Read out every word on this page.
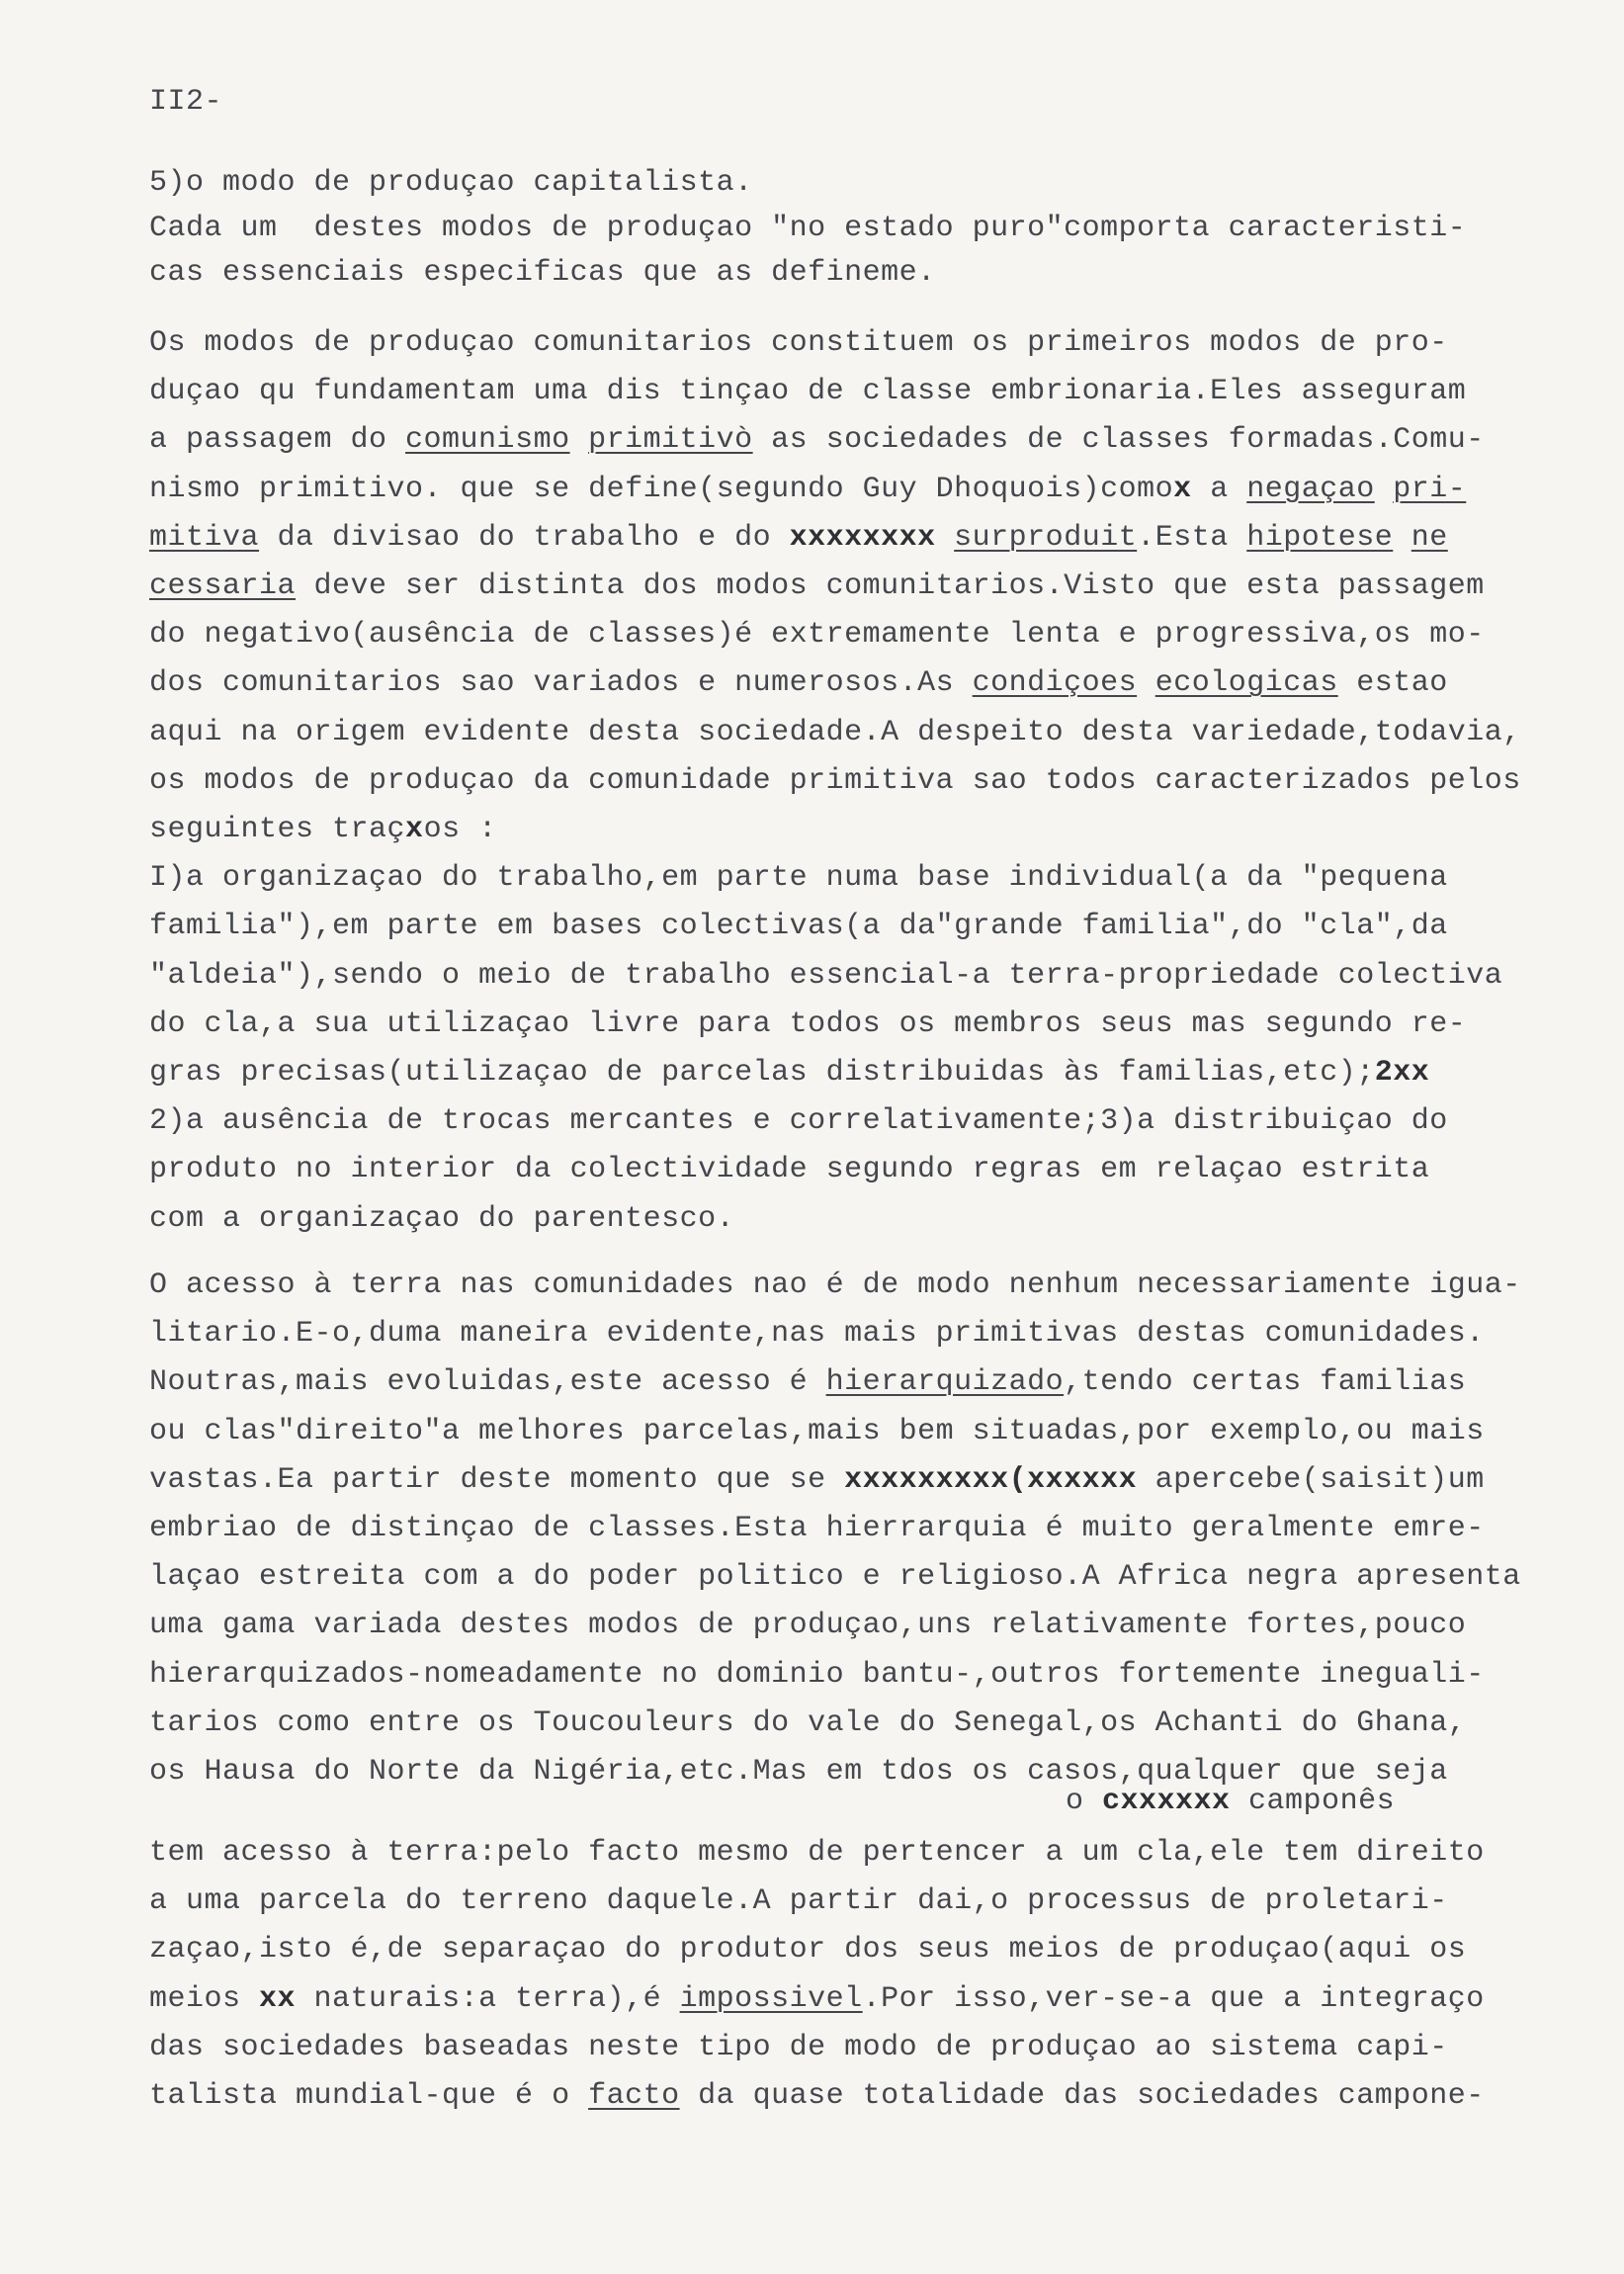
II2-
5)o modo de produçao capitalista.
Cada um  destes modos de produçao "no estado puro"comporta caracteristi-
cas essenciais especificas que as defineme.
Os modos de produçao comunitarios constituem os primeiros modos de pro-
duçao qu fundamentam uma dis tinçao de classe embrionaria.Eles asseguram
a passagem do comunismo primitivò as sociedades de classes formadas.Comu-
nismo primitivo. que se define(segundo Guy Dhoquois)comox a negaçao pri-
mitiva da divisao do trabalho e do xxxxxxxx surproduit.Esta hipotese ne
cessaria deve ser distinta dos modos comunitarios.Visto que esta passagem
do negativo(ausência de classes)é extremamente lenta e progressiva,os mo-
dos comunitarios sao variados e numerosos.As condiçoes ecologicas estao
aqui na origem evidente desta sociedade.A despeito desta variedade,todavia,
os modos de produçao da comunidade primitiva sao todos caracterizados pelos
seguintes traçxos :
I)a organizaçao do trabalho,em parte numa base individual(a da "pequena
familia"),em parte em bases colectivas(a da"grande familia",do "cla",da
"aldeia"),sendo o meio de trabalho essencial-a terra-propriedade colectiva
do cla,a sua utilizaçao livre para todos os membros seus mas segundo re-
gras precisas(utilizaçao de parcelas distribuidas às familias,etc);2xx
2)a ausência de trocas mercantes e correlativamente;3)a distribuiçao do
produto no interior da colectividade segundo regras em relaçao estrita
com a organizaçao do parentesco.
O acesso à terra nas comunidades nao é de modo nenhum necessariamente igua-
litario.E-o,duma maneira evidente,nas mais primitivas destas comunidades.
Noutras,mais evoluidas,este acesso é hierarquizado,tendo certas familias
ou clas"direito"a melhores parcelas,mais bem situadas,por exemplo,ou mais
vastas.Ea partir deste momento que se xxxxxxxxx(xxxxxx apercebe(saisit)um
embriao de distinçao de classes.Esta hierrarquia é muito geralmente emre-
laçao estreita com a do poder politico e religioso.A Africa negra apresenta
uma gama variada destes modos de produçao,uns relativamente fortes,pouco
hierarquizados-nomeadamente no dominio bantu-,outros fortemente ineguali-
tarios como entre os Toucouleurs do vale do Senegal,os Achanti do Ghana,
os Hausa do Norte da Nigéria,etc.Mas em tdos os casos,qualquer que seja
o cxxxxxx camponês
tem acesso à terra:pelo facto mesmo de pertencer a um cla,ele tem direito
a uma parcela do terreno daquele.A partir dai,o processus de proletari-
zaçao,isto é,de separaçao do produtor dos seus meios de produçao(aqui os
meios xx naturais:a terra),é impossivel.Por isso,ver-se-a que a integraço
das sociedades baseadas neste tipo de modo de produçao ao sistema capi-
talista mundial-que é o facto da quase totalidade das sociedades campone-
